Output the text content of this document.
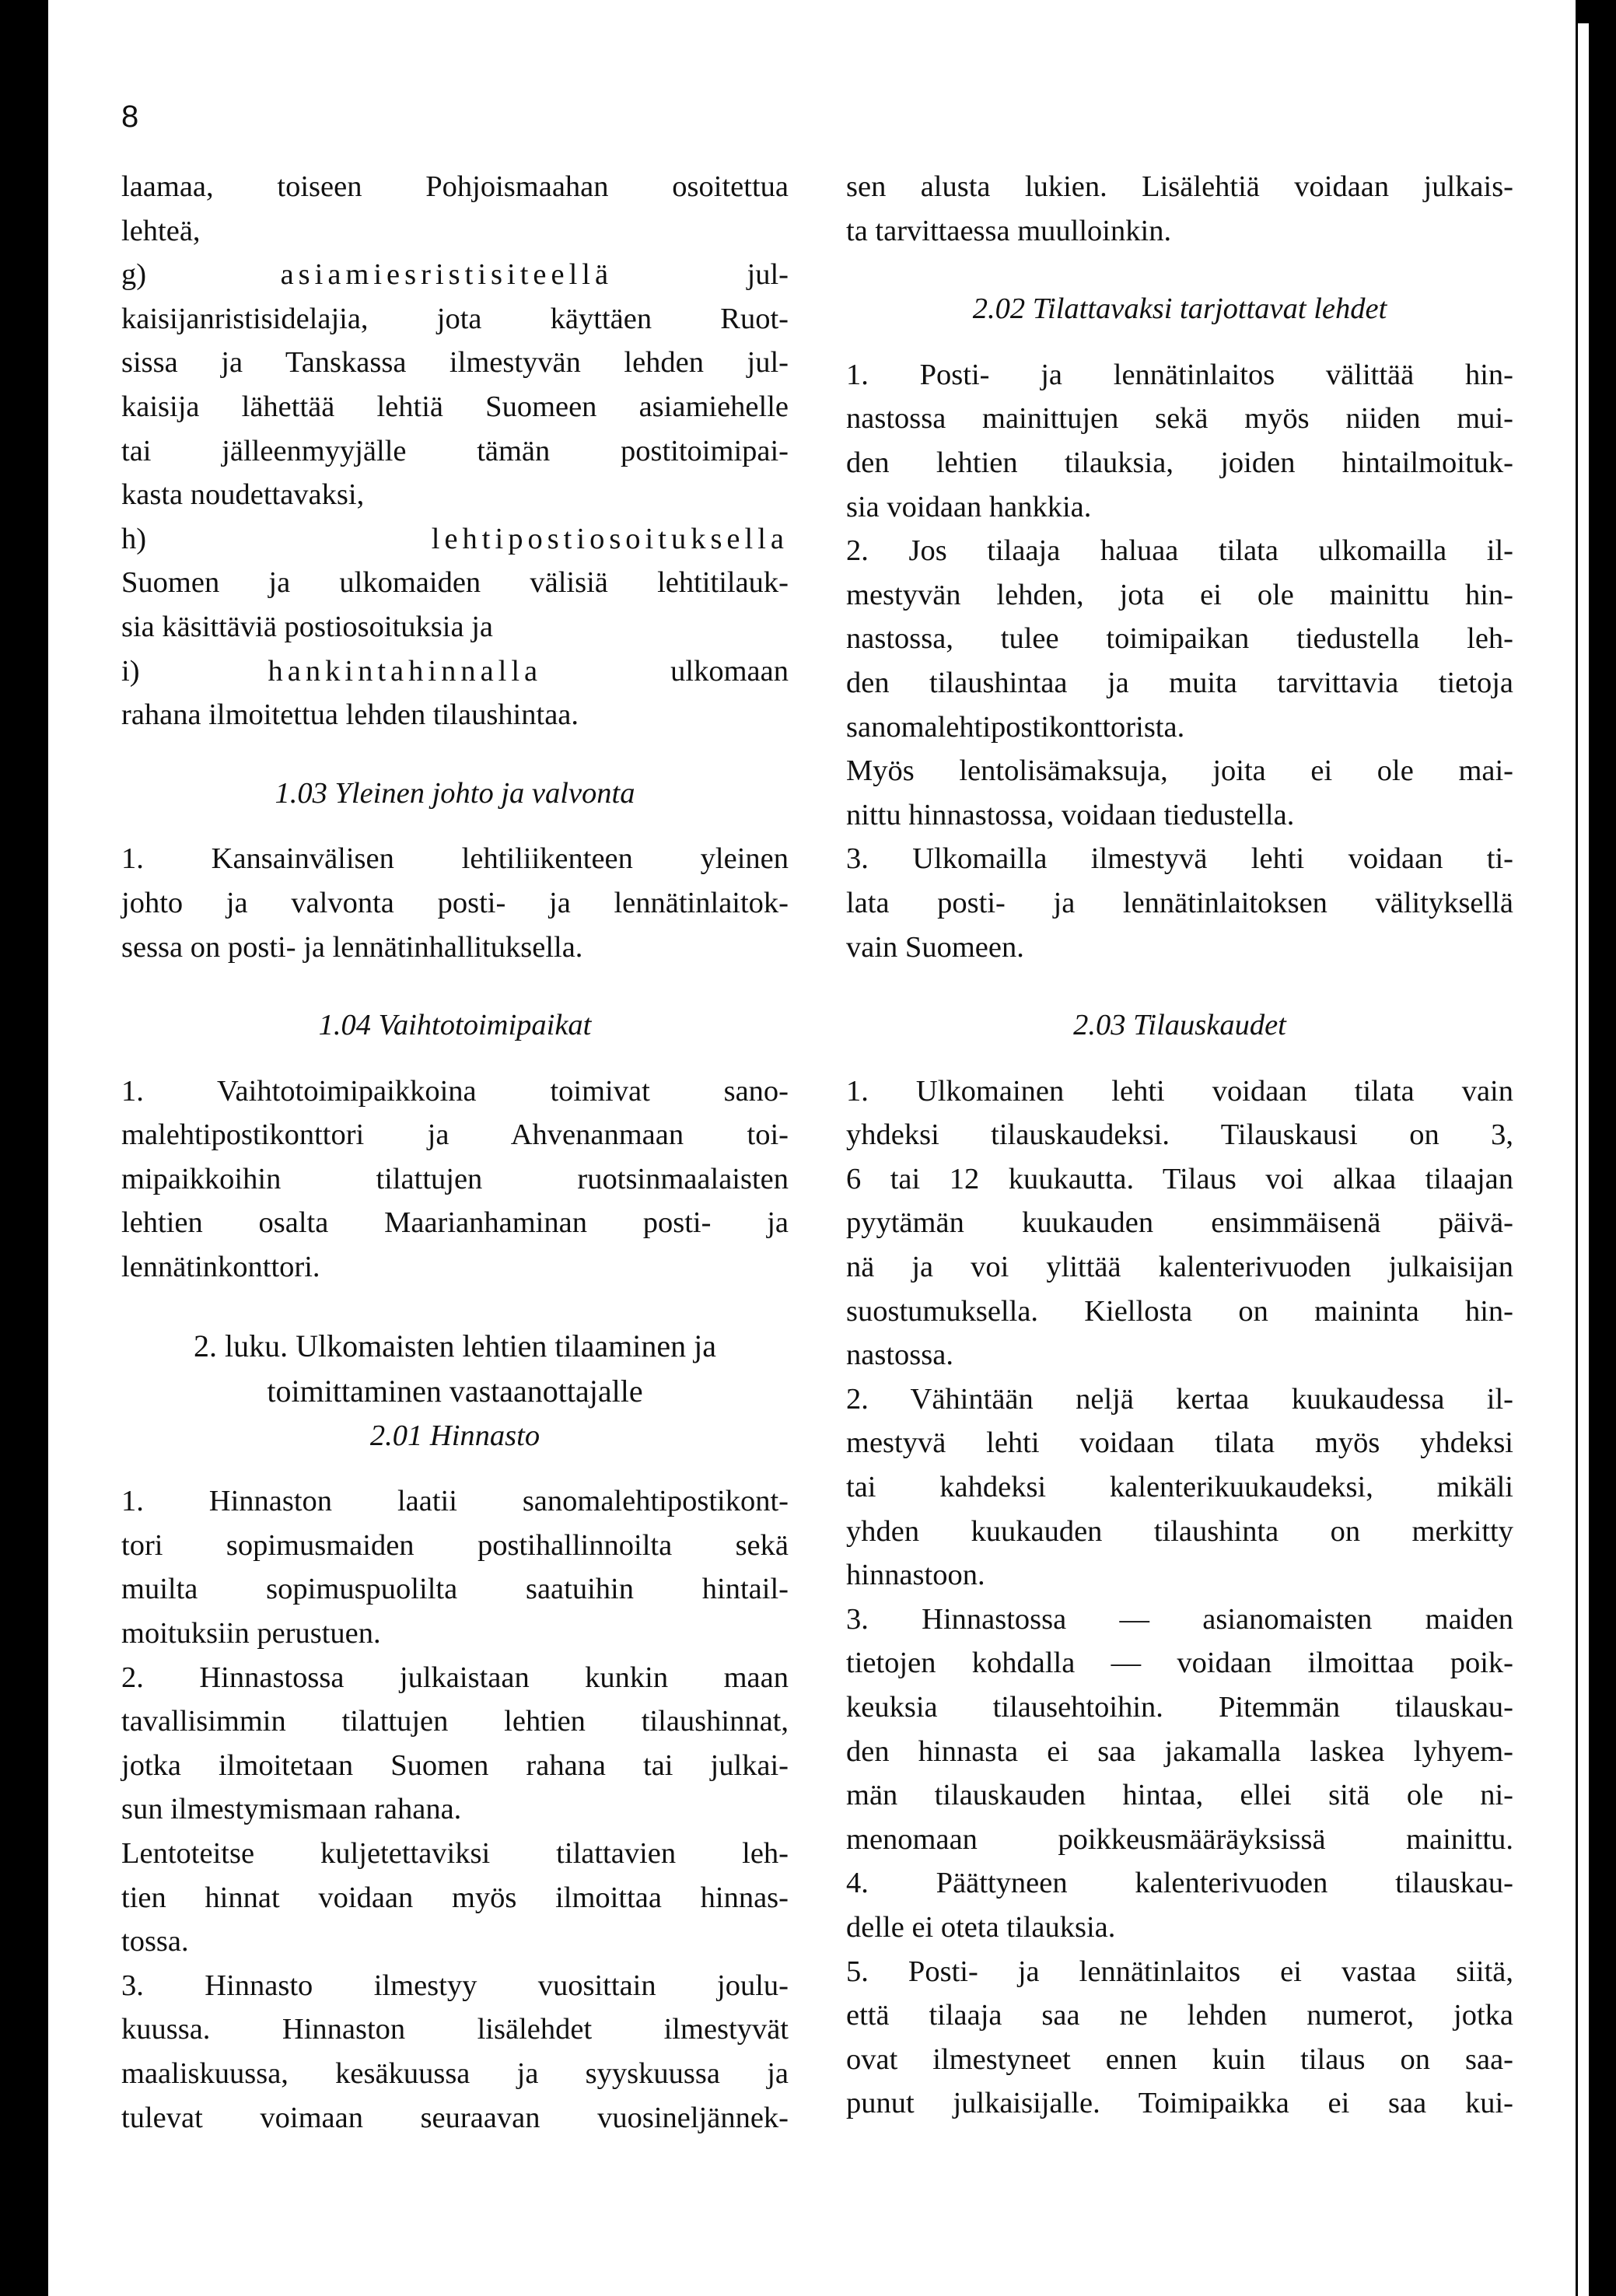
8
laamaa, toiseen Pohjoismaahan osoitettua
lehteä,
g) asiamiesristisiteellä jul-
kaisijanristisidelajia, jota käyttäen Ruot-
sissa ja Tanskassa ilmestyvän lehden jul-
kaisija lähettää lehtiä Suomeen asiamiehelle
tai jälleenmyyjälle tämän postitoimipai-
kasta noudettavaksi,
h) lehtipostiosoituksella
Suomen ja ulkomaiden välisiä lehtitilauk-
sia käsittäviä postiosoituksia ja
i) hankintahinnalla ulkomaan
rahana ilmoitettua lehden tilaushintaa.
1.03 Yleinen johto ja valvonta
1. Kansainvälisen lehtiliikenteen yleinen
johto ja valvonta posti- ja lennätinlaitok-
sessa on posti- ja lennätinhallituksella.
1.04 Vaihtotoimipaikat
1. Vaihtotoimipaikkoina toimivat sano-
malehtipostikonttori ja Ahvenanmaan toi-
mipaikkoihin tilattujen ruotsinmaalaisten
lehtien osalta Maarianhaminan posti- ja
lennätinkonttori.
2. luku. Ulkomaisten lehtien tilaaminen ja
toimittaminen vastaanottajalle
2.01 Hinnasto
1. Hinnaston laatii sanomalehtipostikont-
tori sopimusmaiden postihallinnoilta sekä
muilta sopimuspuolilta saatuihin hintail-
moituksiin perustuen.
2. Hinnastossa julkaistaan kunkin maan
tavallisimmin tilattujen lehtien tilaushinnat,
jotka ilmoitetaan Suomen rahana tai julkai-
sun ilmestymismaan rahana.
Lentoteitse kuljetettaviksi tilattavien leh-
tien hinnat voidaan myös ilmoittaa hinnas-
tossa.
3. Hinnasto ilmestyy vuosittain joulu-
kuussa. Hinnaston lisälehdet ilmestyvät
maaliskuussa, kesäkuussa ja syyskuussa ja
tulevat voimaan seuraavan vuosineljännek-
sen alusta lukien. Lisälehtiä voidaan julkais-
ta tarvittaessa muulloinkin.
2.02 Tilattavaksi tarjottavat lehdet
1. Posti- ja lennätinlaitos välittää hin-
nastossa mainittujen sekä myös niiden mui-
den lehtien tilauksia, joiden hintailmoituk-
sia voidaan hankkia.
2. Jos tilaaja haluaa tilata ulkomailla il-
mestyvän lehden, jota ei ole mainittu hin-
nastossa, tulee toimipaikan tiedustella leh-
den tilaushintaa ja muita tarvittavia tietoja
sanomalehtipostikonttorista.
Myös lentolisämaksuja, joita ei ole mai-
nittu hinnastossa, voidaan tiedustella.
3. Ulkomailla ilmestyvä lehti voidaan ti-
lata posti- ja lennätinlaitoksen välityksellä
vain Suomeen.
2.03 Tilauskaudet
1. Ulkomainen lehti voidaan tilata vain
yhdeksi tilauskaudeksi. Tilauskausi on 3,
6 tai 12 kuukautta. Tilaus voi alkaa tilaajan
pyytämän kuukauden ensimmäisenä päivä-
nä ja voi ylittää kalenterivuoden julkaisijan
suostumuksella. Kiellosta on maininta hin-
nastossa.
2. Vähintään neljä kertaa kuukaudessa il-
mestyvä lehti voidaan tilata myös yhdeksi
tai kahdeksi kalenterikuukaudeksi, mikäli
yhden kuukauden tilaushinta on merkitty
hinnastoon.
3. Hinnastossa — asianomaisten maiden
tietojen kohdalla — voidaan ilmoittaa poik-
keuksia tilausehtoihin. Pitemmän tilauskau-
den hinnasta ei saa jakamalla laskea lyhyem-
män tilauskauden hintaa, ellei sitä ole ni-
menomaan poikkeusmääräyksissä mainittu.
4. Päättyneen kalenterivuoden tilauskau-
delle ei oteta tilauksia.
5. Posti- ja lennätinlaitos ei vastaa siitä,
että tilaaja saa ne lehden numerot, jotka
ovat ilmestyneet ennen kuin tilaus on saa-
punut julkaisijalle. Toimipaikka ei saa kui-
